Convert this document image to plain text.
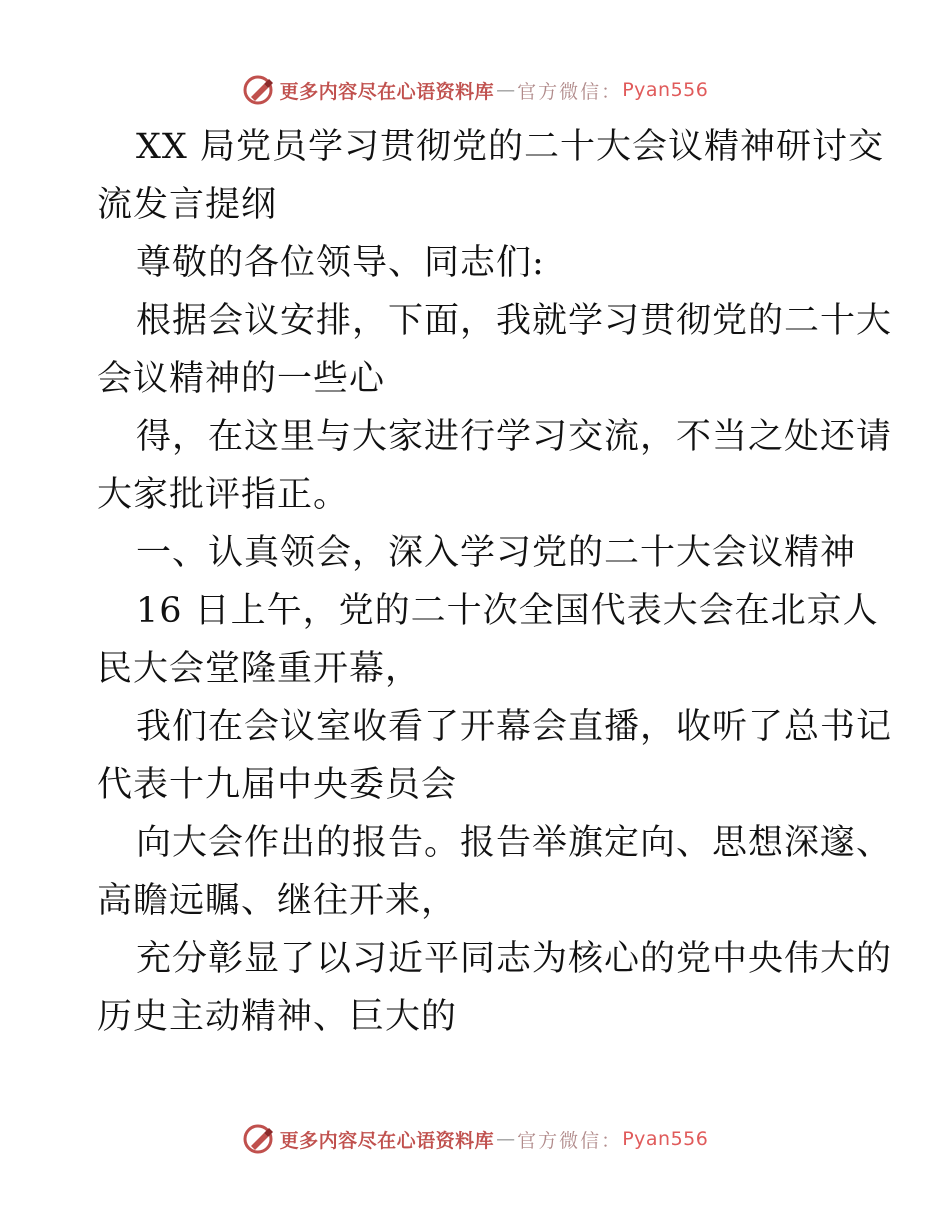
更多内容尽在心语资料库 — 官方微信： Pyan556
XX 局党员学习贯彻党的二十大会议精神研讨交
流发言提纲
尊敬的各位领导、同志们:
根据会议安排，下面，我就学习贯彻党的二十大
会议精神的一些心
得，在这里与大家进行学习交流，不当之处还请
大家批评指正。
一、认真领会，深入学习党的二十大会议精神
16 日上午，党的二十次全国代表大会在北京人
民大会堂隆重开幕，
我们在会议室收看了开幕会直播，收听了总书记
代表十九届中央委员会
向大会作出的报告。报告举旗定向、思想深邃、
高瞻远瞩、继往开来，
充分彰显了以习近平同志为核心的党中央伟大的
历史主动精神、巨大的
更多内容尽在心语资料库 — 官方微信： Pyan556
